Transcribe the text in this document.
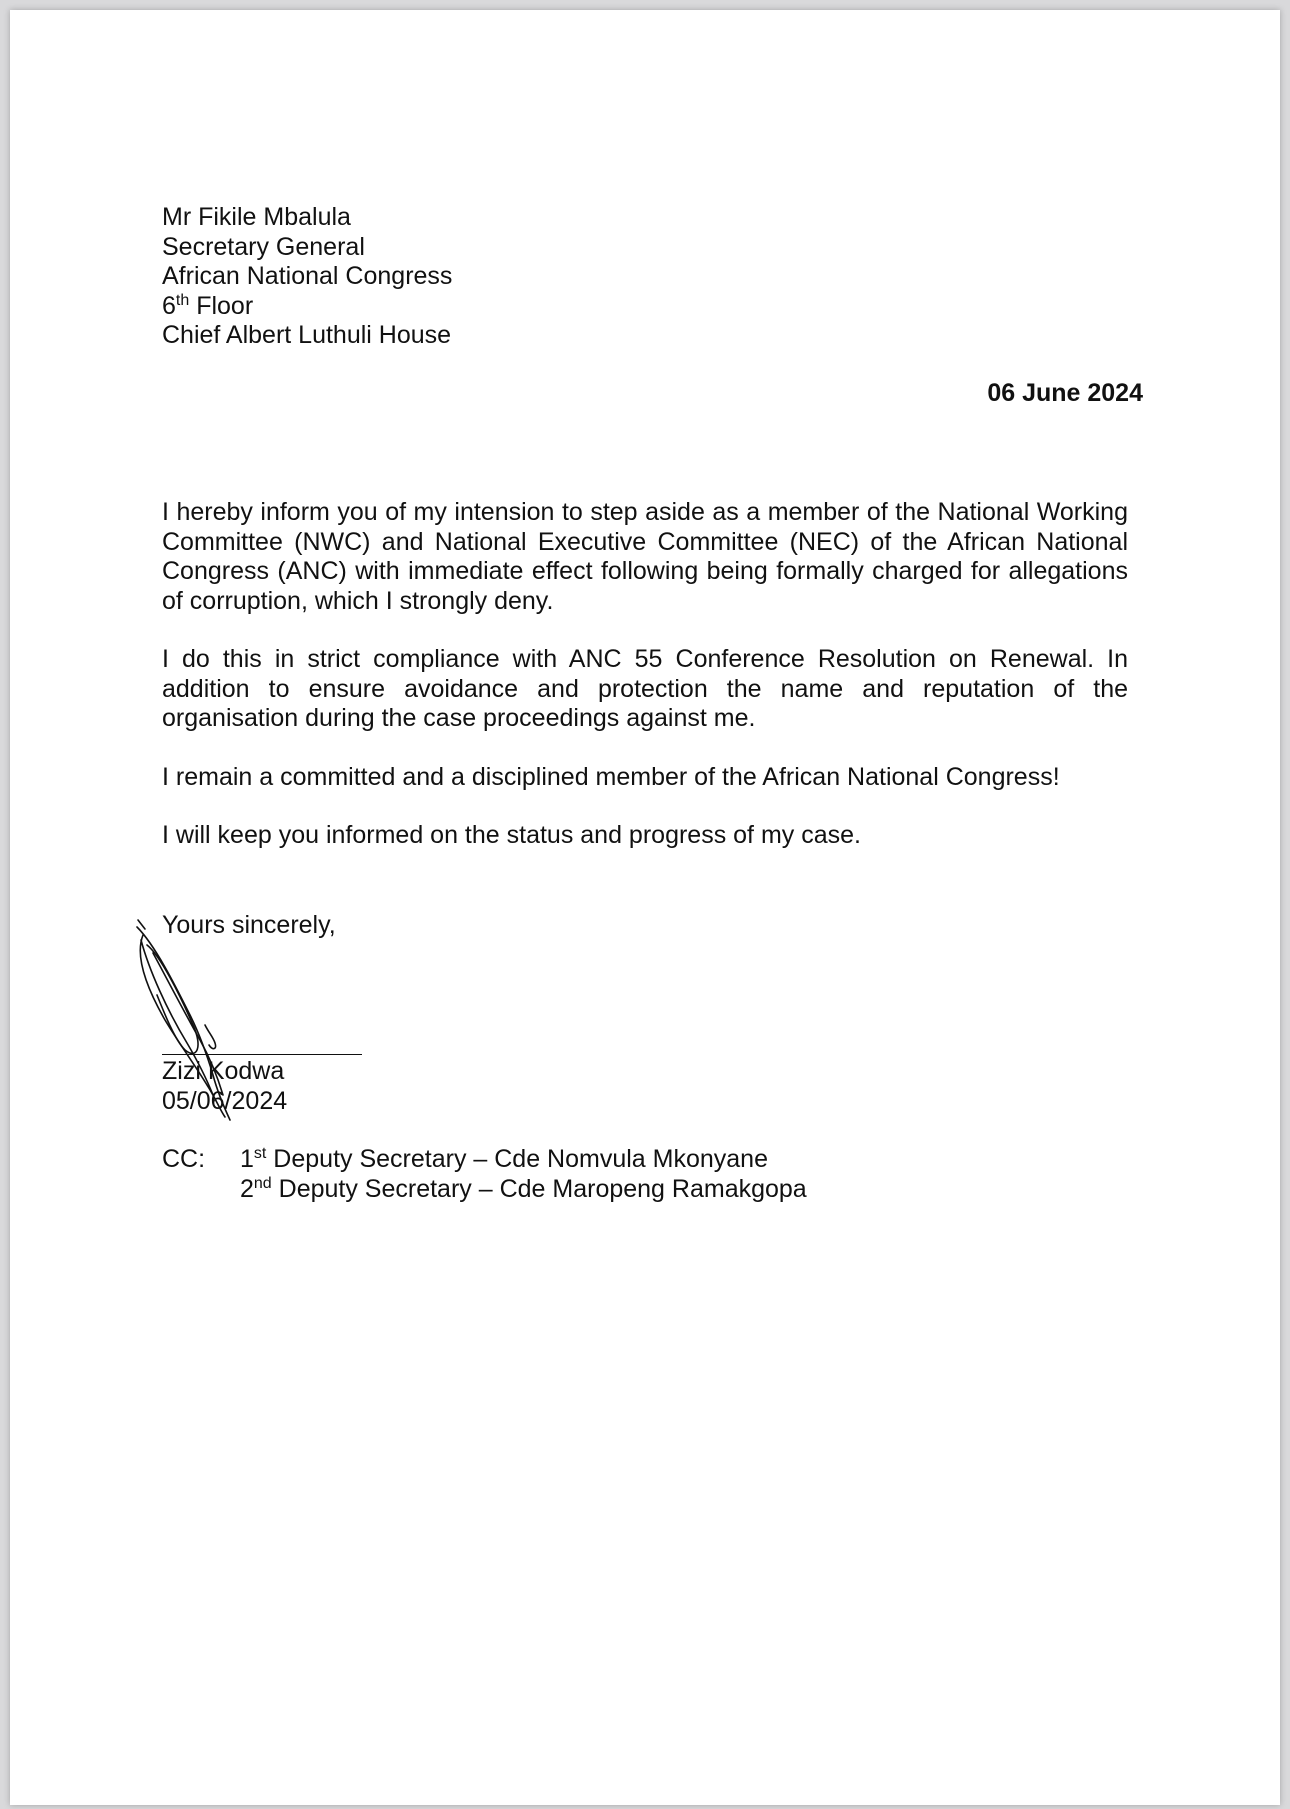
Mr Fikile Mbalula
Secretary General
African National Congress
6th Floor
Chief Albert Luthuli House
06 June 2024

I hereby inform you of my intension to step aside as a member of the National Working Committee (NWC) and National Executive Committee (NEC) of the African National Congress (ANC) with immediate effect following being formally charged for allegations of corruption, which I strongly deny.

I do this in strict compliance with ANC 55 Conference Resolution on Renewal. In addition to ensure avoidance and protection the name and reputation of the organisation during the case proceedings against me.

I remain a committed and a disciplined member of the African National Congress!

I will keep you informed on the status and progress of my case.

Yours sincerely,
Zizi Kodwa
05/06/2024
CC: 1st Deputy Secretary – Cde Nomvula Mkonyane
2nd Deputy Secretary – Cde Maropeng Ramakgopa
